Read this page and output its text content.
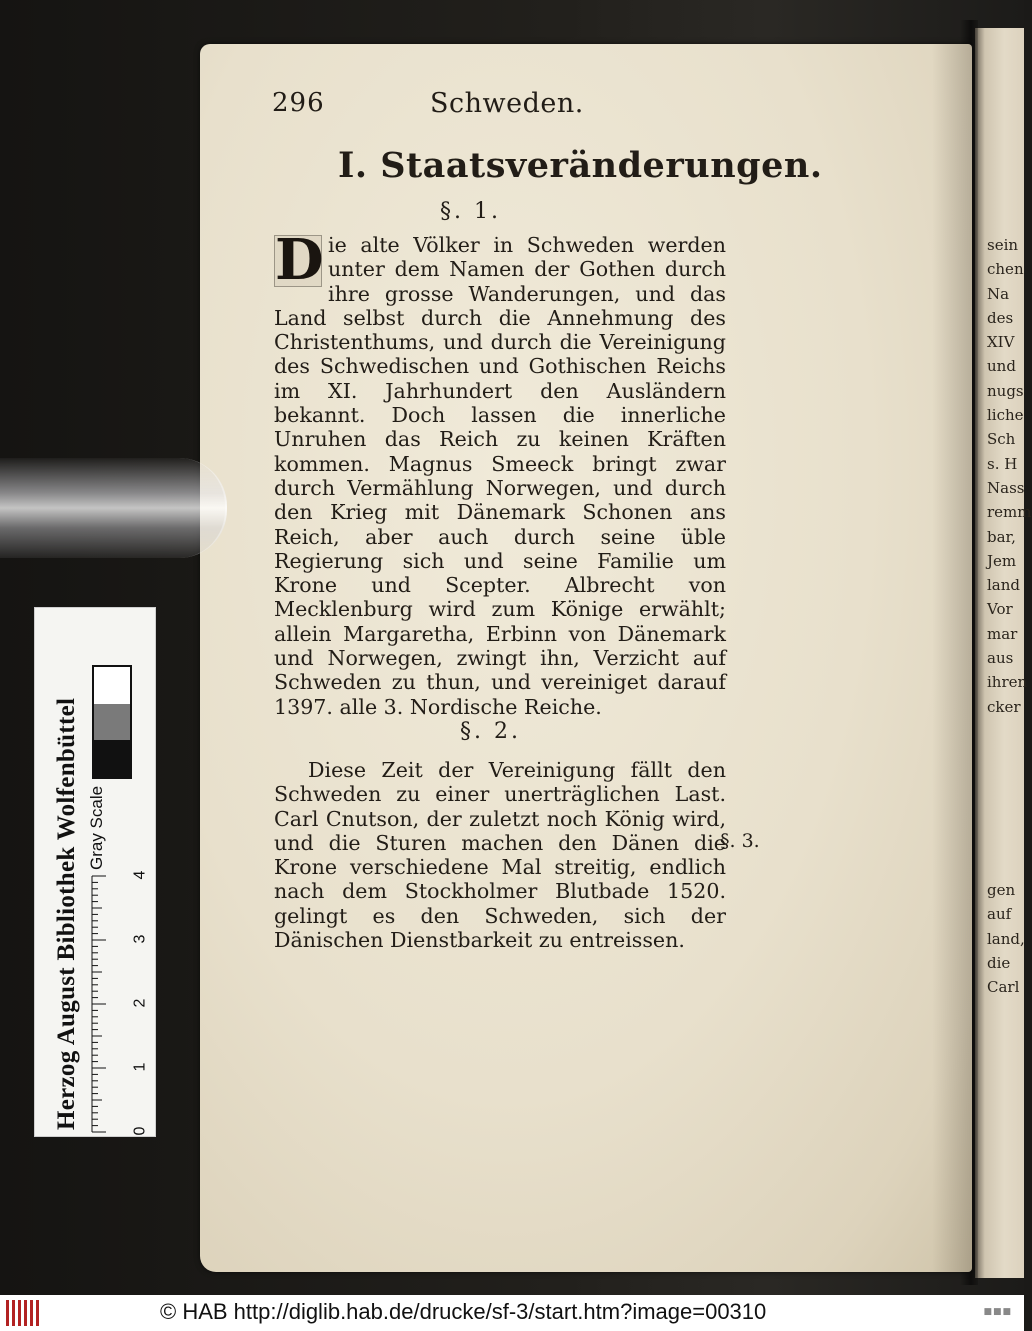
sein
chen
Na
des
XIV
und
nugs
liche
Sch
s. H
Nass
remm
bar,
Jem
land
Vor
mar
aus
ihren
cker
gen
auf
land,
die
Carl
296	Schweden.
I. Staatsveränderungen.
§. 1.
D ie alte Völker in Schweden werden unter dem Namen der Gothen durch ihre grosse Wanderungen, und das Land selbst durch die Annehmung des Christenthums, und durch die Vereinigung des Schwedischen und Gothischen Reichs im XI. Jahrhundert den Ausländern bekannt. Doch lassen die innerliche Unruhen das Reich zu keinen Kräften kommen. Magnus Smeeck bringt zwar durch Vermählung Norwegen, und durch den Krieg mit Dänemark Schonen ans Reich, aber auch durch seine üble Regierung sich und seine Familie um Krone und Scepter. Albrecht von Mecklenburg wird zum Könige erwählt; allein Margaretha, Erbinn von Dänemark und Norwegen, zwingt ihn, Verzicht auf Schweden zu thun, und vereiniget darauf 1397. alle 3. Nordische Reiche.
§. 2.
Diese Zeit der Vereinigung fällt den Schweden zu einer unerträglichen Last. Carl Cnutson, der zuletzt noch König wird, und die Sturen machen den Dänen die Krone verschiedene Mal streitig, endlich nach dem Stockholmer Blutbade 1520. gelingt es den Schweden, sich der Dänischen Dienstbarkeit zu entreissen.
§. 3.
Herzog August Bibliothek Wolfenbüttel Gray Scale
0
1
2
3
4
© HAB http://diglib.hab.de/drucke/sf-3/start.htm?image=00310	■■■
